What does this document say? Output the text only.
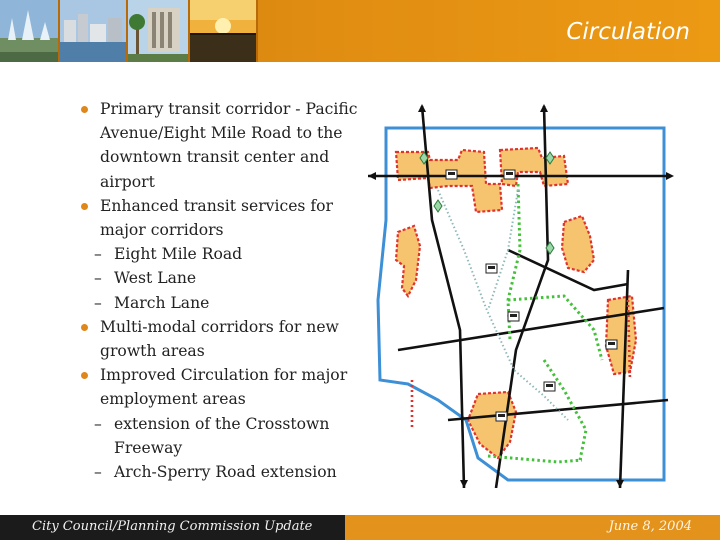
Circulation
Primary transit corridor - Pacific Avenue/Eight Mile Road to the downtown transit center and airport
Enhanced transit services for major corridors
– Eight Mile Road
– West Lane
– March Lane
Multi-modal corridors for new growth areas
Improved Circulation for major employment areas
– extension of the Crosstown Freeway
– Arch-Sperry Road extension
City Council/Planning Commission Update	June 8, 2004
